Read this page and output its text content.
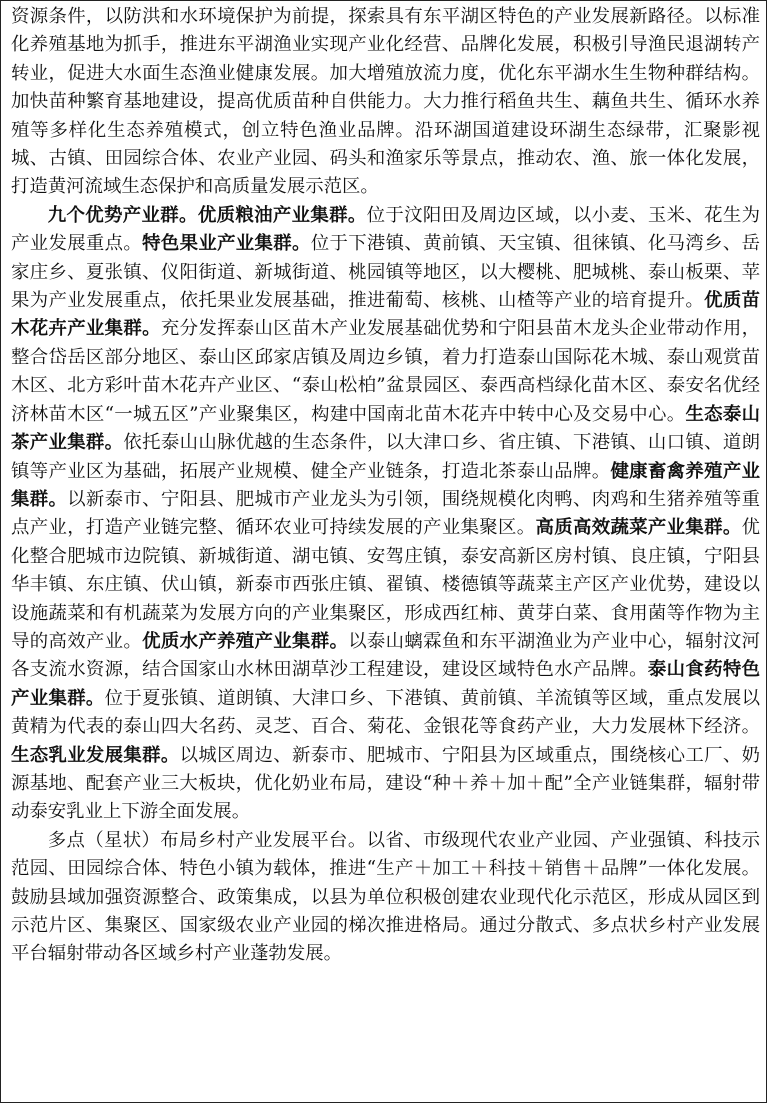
资源条件，以防洪和水环境保护为前提，探索具有东平湖区特色的产业发展新路径。以标准化养殖基地为抓手，推进东平湖渔业实现产业化经营、品牌化发展，积极引导渔民退湖转产转业，促进大水面生态渔业健康发展。加大增殖放流力度，优化东平湖水生生物种群结构。加快苗种繁育基地建设，提高优质苗种自供能力。大力推行稻鱼共生、藕鱼共生、循环水养殖等多样化生态养殖模式，创立特色渔业品牌。沿环湖国道建设环湖生态绿带，汇聚影视城、古镇、田园综合体、农业产业园、码头和渔家乐等景点，推动农、渔、旅一体化发展，打造黄河流域生态保护和高质量发展示范区。

九个优势产业群。优质粮油产业集群。位于汶阳田及周边区域，以小麦、玉米、花生为产业发展重点。特色果业产业集群。位于下港镇、黄前镇、天宝镇、徂徕镇、化马湾乡、岳家庄乡、夏张镇、仪阳街道、新城街道、桃园镇等地区，以大樱桃、肥城桃、泰山板栗、苹果为产业发展重点，依托果业发展基础，推进葡萄、核桃、山楂等产业的培育提升。优质苗木花卉产业集群。充分发挥泰山区苗木产业发展基础优势和宁阳县苗木龙头企业带动作用，整合岱岳区部分地区、泰山区邱家店镇及周边乡镇，着力打造泰山国际花木城、泰山观赏苗木区、北方彩叶苗木花卉产业区、“泰山松柏”盆景园区、泰西高档绿化苗木区、泰安名优经济林苗木区“一城五区”产业聚集区，构建中国南北苗木花卉中转中心及交易中心。生态泰山茶产业集群。依托泰山山脉优越的生态条件，以大津口乡、省庄镇、下港镇、山口镇、道朗镇等产业区为基础，拓展产业规模、健全产业链条，打造北茶泰山品牌。健康畜禽养殖产业集群。以新泰市、宁阳县、肥城市产业龙头为引领，围绕规模化肉鸭、肉鸡和生猪养殖等重点产业，打造产业链完整、循环农业可持续发展的产业集聚区。高质高效蔬菜产业集群。优化整合肥城市边院镇、新城街道、湖屯镇、安驾庄镇，泰安高新区房村镇、良庄镇，宁阳县华丰镇、东庄镇、伏山镇，新泰市西张庄镇、翟镇、楼德镇等蔬菜主产区产业优势，建设以设施蔬菜和有机蔬菜为发展方向的产业集聚区，形成西红柿、黄芽白菜、食用菌等作物为主导的高效产业。优质水产养殖产业集群。以泰山螭霖鱼和东平湖渔业为产业中心，辐射汶河各支流水资源，结合国家山水林田湖草沙工程建设，建设区域特色水产品牌。泰山食药特色产业集群。位于夏张镇、道朗镇、大津口乡、下港镇、黄前镇、羊流镇等区域，重点发展以黄精为代表的泰山四大名药、灵芝、百合、菊花、金银花等食药产业，大力发展林下经济。生态乳业发展集群。以城区周边、新泰市、肥城市、宁阳县为区域重点，围绕核心工厂、奶源基地、配套产业三大板块，优化奶业布局，建设“种＋养＋加＋配”全产业链集群，辐射带动泰安乳业上下游全面发展。

多点（星状）布局乡村产业发展平台。以省、市级现代农业产业园、产业强镇、科技示范园、田园综合体、特色小镇为载体，推进“生产＋加工＋科技＋销售＋品牌”一体化发展。鼓励县域加强资源整合、政策集成，以县为单位积极创建农业现代化示范区，形成从园区到示范片区、集聚区、国家级农业产业园的梯次推进格局。通过分散式、多点状乡村产业发展平台辐射带动各区域乡村产业蓬勃发展。
